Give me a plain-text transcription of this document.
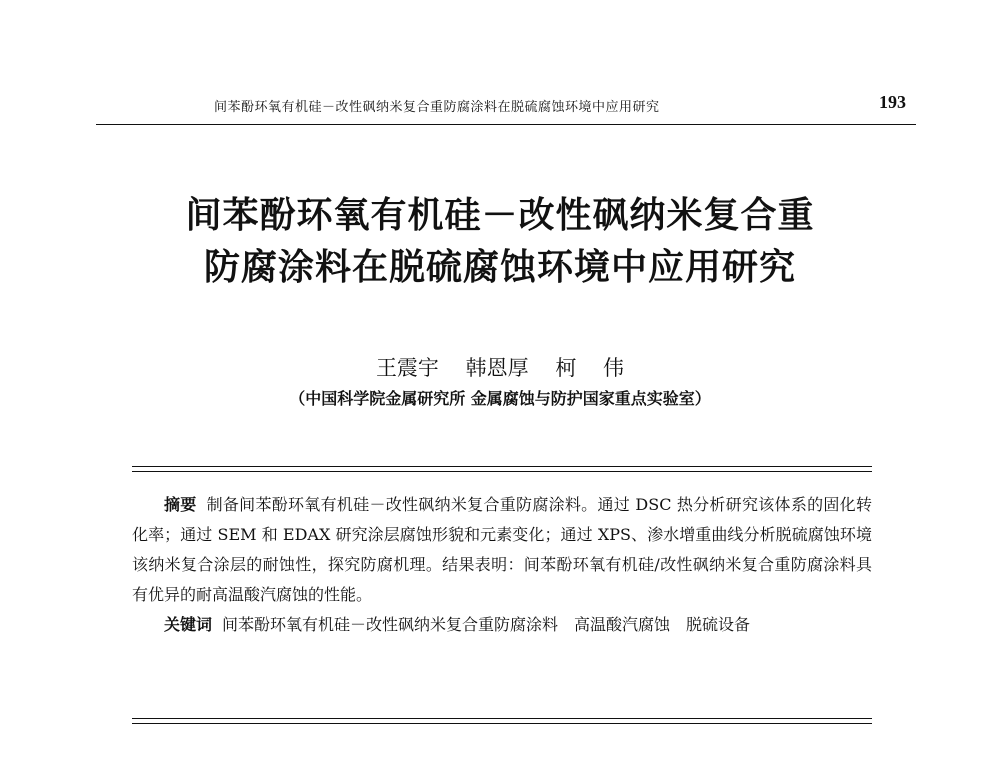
间苯酚环氧有机硅－改性砜纳米复合重防腐涂料在脱硫腐蚀环境中应用研究	193
间苯酚环氧有机硅－改性砜纳米复合重
防腐涂料在脱硫腐蚀环境中应用研究
王震宇    韩恩厚    柯    伟
（中国科学院金属研究所 金属腐蚀与防护国家重点实验室）

摘要 制备间苯酚环氧有机硅－改性砜纳米复合重防腐涂料。通过 DSC 热分析研究该体系的固化转化率；通过 SEM 和 EDAX 研究涂层腐蚀形貌和元素变化；通过 XPS、渗水增重曲线分析脱硫腐蚀环境该纳米复合涂层的耐蚀性，探究防腐机理。结果表明：间苯酚环氧有机硅/改性砜纳米复合重防腐涂料具有优异的耐高温酸汽腐蚀的性能。

关键词 间苯酚环氧有机硅－改性砜纳米复合重防腐涂料　高温酸汽腐蚀　脱硫设备
